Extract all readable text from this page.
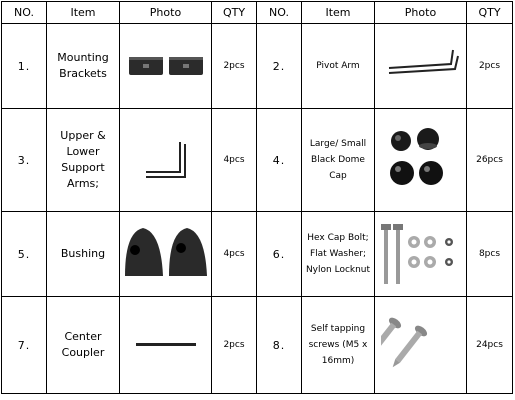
NO.	Item	Photo	QTY	NO.	Item	Photo	QTY
1.	Mounting Brackets		2pcs	2.	Pivot Arm		2pcs
3.	Upper & Lower Support Arms;		4pcs	4.	Large/ Small Black Dome Cap		26pcs
5.	Bushing		4pcs	6.	Hex Cap Bolt; Flat Washer; Nylon Locknut		8pcs
7.	Center Coupler		2pcs	8.	Self tapping screws (M5 x 16mm)		24pcs
